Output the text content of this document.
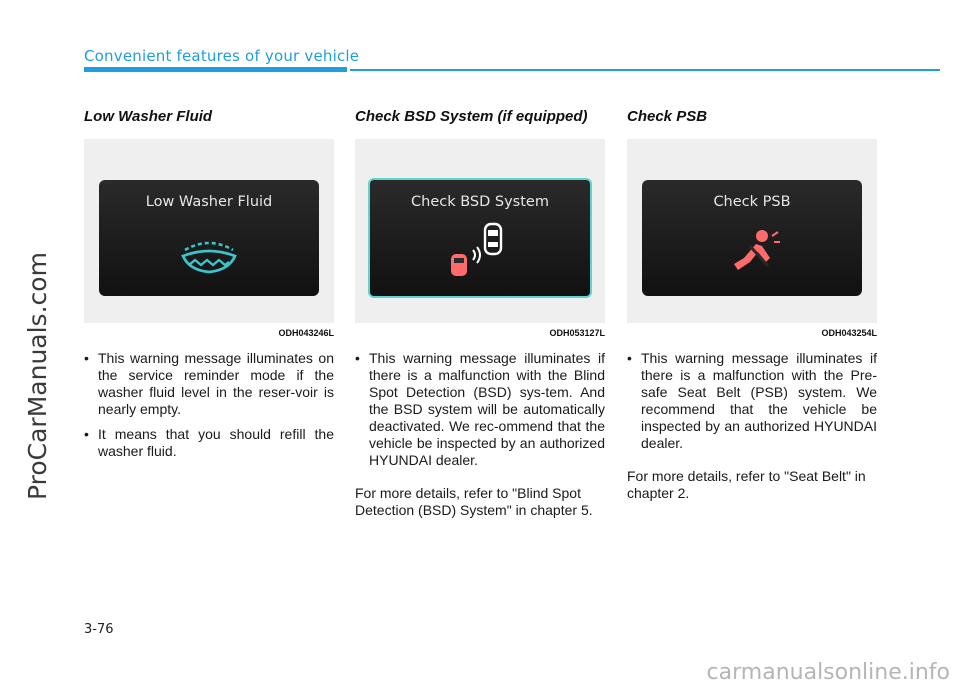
Convenient features of your vehicle
ProCarManuals.com
Low Washer Fluid
Low Washer Fluid
ODH043246L
• This warning message illuminates on the service reminder mode if the washer fluid level in the reser-voir is nearly empty.
• It means that you should refill the washer fluid.
Check BSD System (if equipped)
Check BSD System
ODH053127L
• This warning message illuminates if there is a malfunction with the Blind Spot Detection (BSD) sys-tem. And the BSD system will be automatically deactivated. We rec-ommend that the vehicle be inspected by an authorized HYUNDAI dealer.
For more details, refer to "Blind Spot Detection (BSD) System" in chapter 5.
Check PSB
Check PSB
ODH043254L
• This warning message illuminates if there is a malfunction with the Pre-safe Seat Belt (PSB) system. We recommend that the vehicle be inspected by an authorized HYUNDAI dealer.
For more details, refer to "Seat Belt" in chapter 2.
3-76
carmanualsonline.info
